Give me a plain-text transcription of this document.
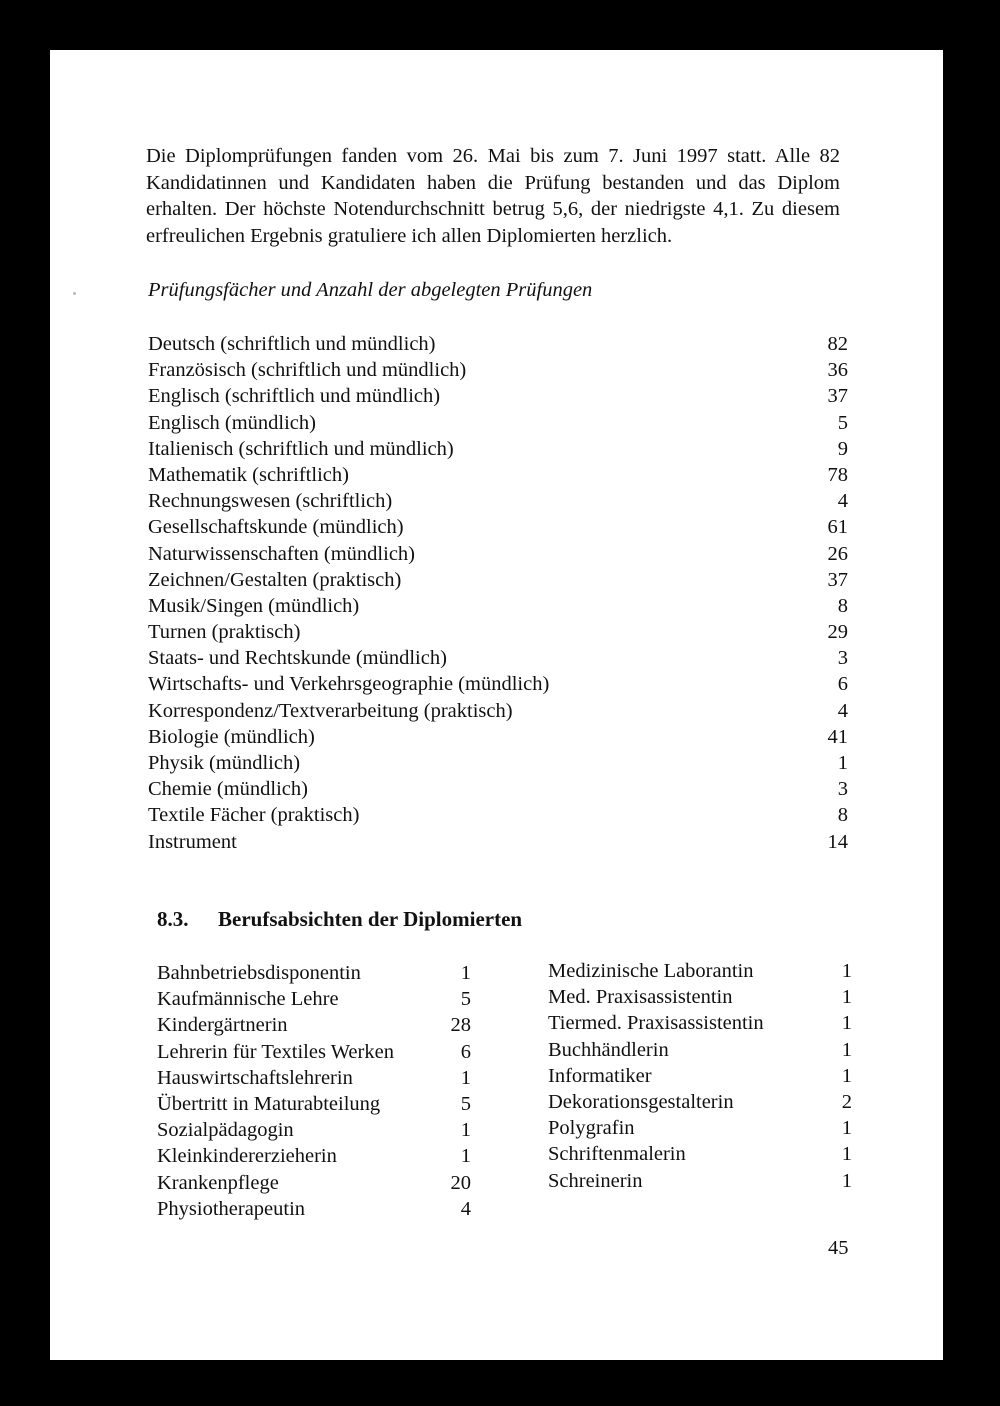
Die Diplomprüfungen fanden vom 26. Mai bis zum 7. Juni 1997 statt. Alle 82 Kandidatinnen und Kandidaten haben die Prüfung bestanden und das Diplom erhalten. Der höchste Notendurchschnitt betrug 5,6, der niedrigste 4,1. Zu diesem erfreulichen Ergebnis gratuliere ich allen Diplomierten herzlich.

Prüfungsfächer und Anzahl der abgelegten Prüfungen
Deutsch (schriftlich und mündlich)	82
Französisch (schriftlich und mündlich)	36
Englisch (schriftlich und mündlich)	37
Englisch (mündlich)	5
Italienisch (schriftlich und mündlich)	9
Mathematik (schriftlich)	78
Rechnungswesen (schriftlich)	4
Gesellschaftskunde (mündlich)	61
Naturwissenschaften (mündlich)	26
Zeichnen/Gestalten (praktisch)	37
Musik/Singen (mündlich)	8
Turnen (praktisch)	29
Staats- und Rechtskunde (mündlich)	3
Wirtschafts- und Verkehrsgeographie (mündlich)	6
Korrespondenz/Textverarbeitung (praktisch)	4
Biologie (mündlich)	41
Physik (mündlich)	1
Chemie (mündlich)	3
Textile Fächer (praktisch)	8
Instrument	14
8.3. Berufsabsichten der Diplomierten
Bahnbetriebsdisponentin	1
Kaufmännische Lehre	5
Kindergärtnerin	28
Lehrerin für Textiles Werken	6
Hauswirtschaftslehrerin	1
Übertritt in Maturabteilung	5
Sozialpädagogin	1
Kleinkindererzieherin	1
Krankenpflege	20
Physiotherapeutin	4
Medizinische Laborantin	1
Med. Praxisassistentin	1
Tiermed. Praxisassistentin	1
Buchhändlerin	1
Informatiker	1
Dekorationsgestalterin	2
Polygrafin	1
Schriftenmalerin	1
Schreinerin	1
45
